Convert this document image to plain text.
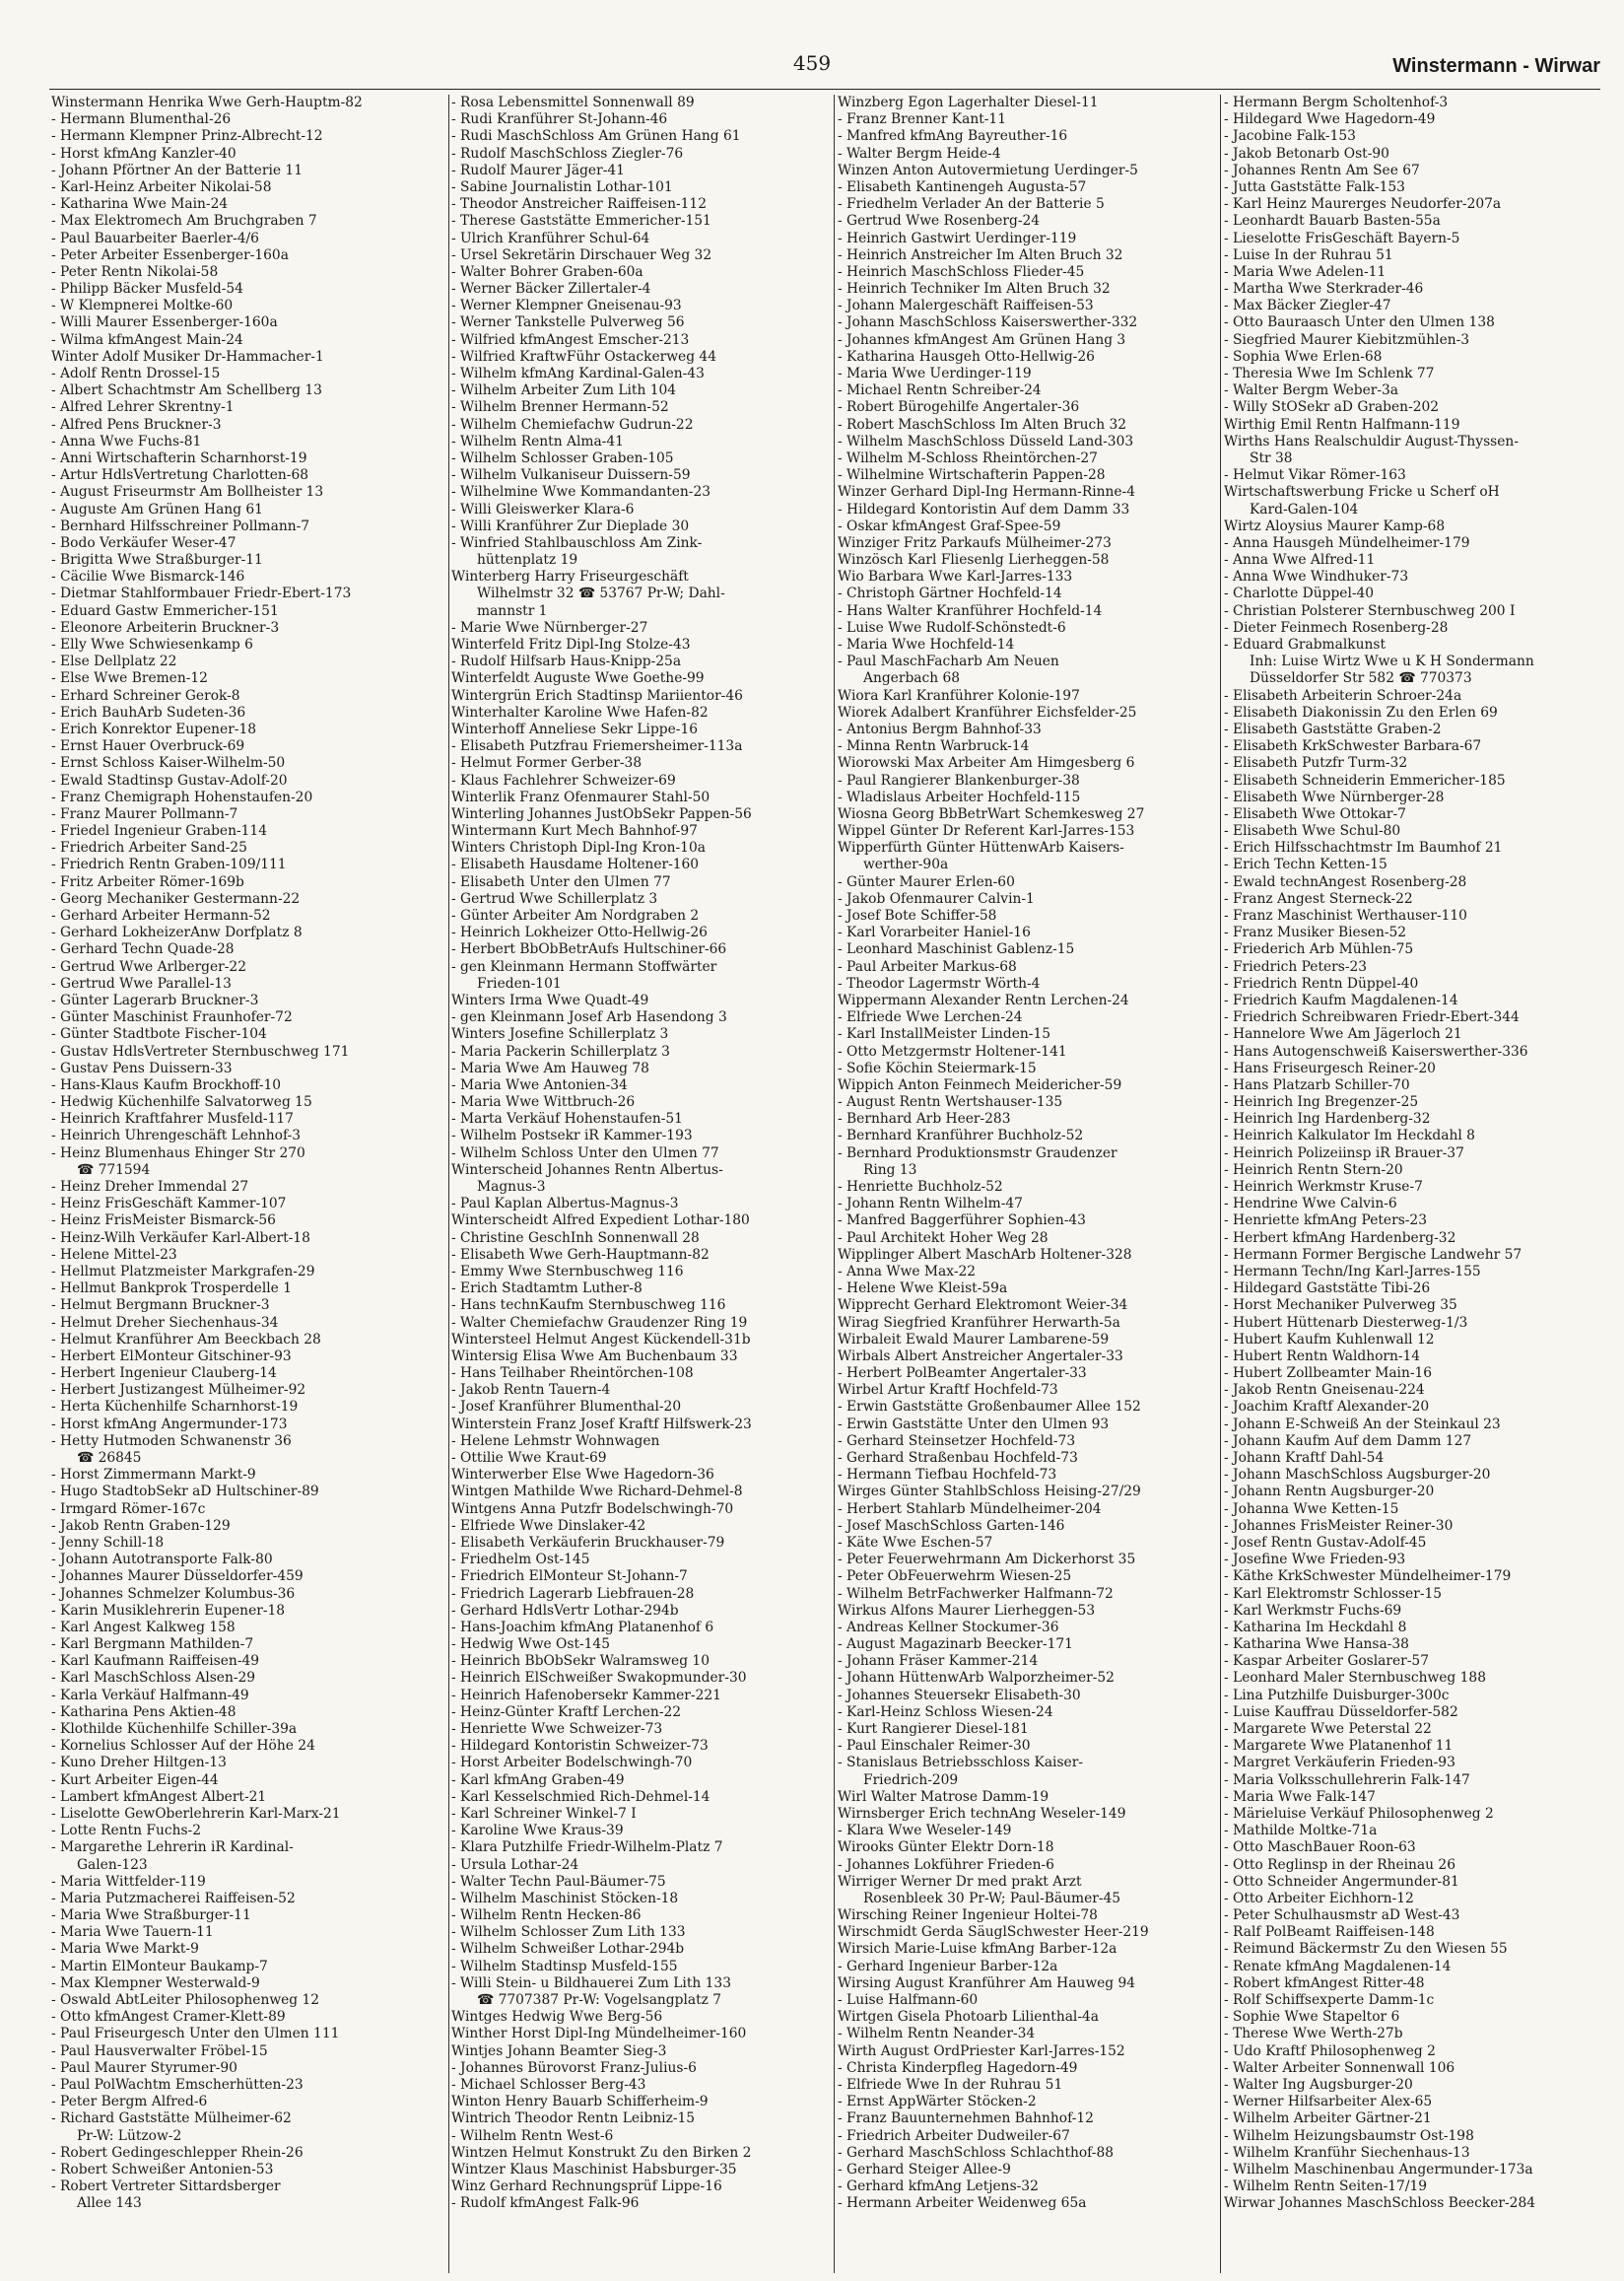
459	Winstermann - Wirwar
Winstermann Henrika Wwe Gerh-Hauptm-82
- Hermann Blumenthal-26
- Hermann Klempner Prinz-Albrecht-12
- Horst kfmAng Kanzler-40
- Johann Pförtner An der Batterie 11
- Karl-Heinz Arbeiter Nikolai-58
- Katharina Wwe Main-24
- Max Elektromech Am Bruchgraben 7
- Paul Bauarbeiter Baerler-4/6
- Peter Arbeiter Essenberger-160a
- Peter Rentn Nikolai-58
- Philipp Bäcker Musfeld-54
- W Klempnerei Moltke-60
- Willi Maurer Essenberger-160a
- Wilma kfmAngest Main-24
Winter Adolf Musiker Dr-Hammacher-1
- Adolf Rentn Drossel-15
- Albert Schachtmstr Am Schellberg 13
- Alfred Lehrer Skrentny-1
- Alfred Pens Bruckner-3
- Anna Wwe Fuchs-81
- Anni Wirtschafterin Scharnhorst-19
- Artur HdlsVertretung Charlotten-68
- August Friseurmstr Am Bollheister 13
- Auguste Am Grünen Hang 61
- Bernhard Hilfsschreiner Pollmann-7
- Bodo Verkäufer Weser-47
- Brigitta Wwe Straßburger-11
- Cäcilie Wwe Bismarck-146
- Dietmar Stahlformbauer Friedr-Ebert-173
- Eduard Gastw Emmericher-151
- Eleonore Arbeiterin Bruckner-3
- Elly Wwe Schwiesenkamp 6
- Else Dellplatz 22
- Else Wwe Bremen-12
- Erhard Schreiner Gerok-8
- Erich BauhArb Sudeten-36
- Erich Konrektor Eupener-18
- Ernst Hauer Overbruck-69
- Ernst Schloss Kaiser-Wilhelm-50
- Ewald Stadtinsp Gustav-Adolf-20
- Franz Chemigraph Hohenstaufen-20
- Franz Maurer Pollmann-7
- Friedel Ingenieur Graben-114
- Friedrich Arbeiter Sand-25
- Friedrich Rentn Graben-109/111
- Fritz Arbeiter Römer-169b
- Georg Mechaniker Gestermann-22
- Gerhard Arbeiter Hermann-52
- Gerhard LokheizerAnw Dorfplatz 8
- Gerhard Techn Quade-28
- Gertrud Wwe Arlberger-22
- Gertrud Wwe Parallel-13
- Günter Lagerarb Bruckner-3
- Günter Maschinist Fraunhofer-72
- Günter Stadtbote Fischer-104
- Gustav HdlsVertreter Sternbuschweg 171
- Gustav Pens Duissern-33
- Hans-Klaus Kaufm Brockhoff-10
- Hedwig Küchenhilfe Salvatorweg 15
- Heinrich Kraftfahrer Musfeld-117
- Heinrich Uhrengeschäft Lehnhof-3
- Heinz Blumenhaus Ehinger Str 270
☎ 771594
- Heinz Dreher Immendal 27
- Heinz FrisGeschäft Kammer-107
- Heinz FrisMeister Bismarck-56
- Heinz-Wilh Verkäufer Karl-Albert-18
- Helene Mittel-23
- Hellmut Platzmeister Markgrafen-29
- Hellmut Bankprok Trosperdelle 1
- Helmut Bergmann Bruckner-3
- Helmut Dreher Siechenhaus-34
- Helmut Kranführer Am Beeckbach 28
- Herbert ElMonteur Gitschiner-93
- Herbert Ingenieur Clauberg-14
- Herbert Justizangest Mülheimer-92
- Herta Küchenhilfe Scharnhorst-19
- Horst kfmAng Angermunder-173
- Hetty Hutmoden Schwanenstr 36
☎ 26845
- Horst Zimmermann Markt-9
- Hugo StadtobSekr aD Hultschiner-89
- Irmgard Römer-167c
- Jakob Rentn Graben-129
- Jenny Schill-18
- Johann Autotransporte Falk-80
- Johannes Maurer Düsseldorfer-459
- Johannes Schmelzer Kolumbus-36
- Karin Musiklehrerin Eupener-18
- Karl Angest Kalkweg 158
- Karl Bergmann Mathilden-7
- Karl Kaufmann Raiffeisen-49
- Karl MaschSchloss Alsen-29
- Karla Verkäuf Halfmann-49
- Katharina Pens Aktien-48
- Klothilde Küchenhilfe Schiller-39a
- Kornelius Schlosser Auf der Höhe 24
- Kuno Dreher Hiltgen-13
- Kurt Arbeiter Eigen-44
- Lambert kfmAngest Albert-21
- Liselotte GewOberlehrerin Karl-Marx-21
- Lotte Rentn Fuchs-2
- Margarethe Lehrerin iR Kardinal-
Galen-123
- Maria Wittfelder-119
- Maria Putzmacherei Raiffeisen-52
- Maria Wwe Straßburger-11
- Maria Wwe Tauern-11
- Maria Wwe Markt-9
- Martin ElMonteur Baukamp-7
- Max Klempner Westerwald-9
- Oswald AbtLeiter Philosophenweg 12
- Otto kfmAngest Cramer-Klett-89
- Paul Friseurgesch Unter den Ulmen 111
- Paul Hausverwalter Fröbel-15
- Paul Maurer Styrumer-90
- Paul PolWachtm Emscherhütten-23
- Peter Bergm Alfred-6
- Richard Gaststätte Mülheimer-62
Pr-W: Lützow-2
- Robert Gedingeschlepper Rhein-26
- Robert Schweißer Antonien-53
- Robert Vertreter Sittardsberger
Allee 143
- Rosa Lebensmittel Sonnenwall 89
- Rudi Kranführer St-Johann-46
- Rudi MaschSchloss Am Grünen Hang 61
- Rudolf MaschSchloss Ziegler-76
- Rudolf Maurer Jäger-41
- Sabine Journalistin Lothar-101
- Theodor Anstreicher Raiffeisen-112
- Therese Gaststätte Emmericher-151
- Ulrich Kranführer Schul-64
- Ursel Sekretärin Dirschauer Weg 32
- Walter Bohrer Graben-60a
- Werner Bäcker Zillertaler-4
- Werner Klempner Gneisenau-93
- Werner Tankstelle Pulverweg 56
- Wilfried kfmAngest Emscher-213
- Wilfried KraftwFühr Ostackerweg 44
- Wilhelm kfmAng Kardinal-Galen-43
- Wilhelm Arbeiter Zum Lith 104
- Wilhelm Brenner Hermann-52
- Wilhelm Chemiefachw Gudrun-22
- Wilhelm Rentn Alma-41
- Wilhelm Schlosser Graben-105
- Wilhelm Vulkaniseur Duissern-59
- Wilhelmine Wwe Kommandanten-23
- Willi Gleiswerker Klara-6
- Willi Kranführer Zur Dieplade 30
- Winfried Stahlbauschloss Am Zink-
hüttenplatz 19
Winterberg Harry Friseurgeschäft
Wilhelmstr 32 ☎ 53767 Pr-W; Dahl-
mannstr 1
- Marie Wwe Nürnberger-27
Winterfeld Fritz Dipl-Ing Stolze-43
- Rudolf Hilfsarb Haus-Knipp-25a
Winterfeldt Auguste Wwe Goethe-99
Wintergrün Erich Stadtinsp Mariientor-46
Winterhalter Karoline Wwe Hafen-82
Winterhoff Anneliese Sekr Lippe-16
- Elisabeth Putzfrau Friemersheimer-113a
- Helmut Former Gerber-38
- Klaus Fachlehrer Schweizer-69
Winterlik Franz Ofenmaurer Stahl-50
Winterling Johannes JustObSekr Pappen-56
Wintermann Kurt Mech Bahnhof-97
Winters Christoph Dipl-Ing Kron-10a
- Elisabeth Hausdame Holtener-160
- Elisabeth Unter den Ulmen 77
- Gertrud Wwe Schillerplatz 3
- Günter Arbeiter Am Nordgraben 2
- Heinrich Lokheizer Otto-Hellwig-26
- Herbert BbObBetrAufs Hultschiner-66
- gen Kleinmann Hermann Stoffwärter
Frieden-101
Winters Irma Wwe Quadt-49
- gen Kleinmann Josef Arb Hasendong 3
Winters Josefine Schillerplatz 3
- Maria Packerin Schillerplatz 3
- Maria Wwe Am Hauweg 78
- Maria Wwe Antonien-34
- Maria Wwe Wittbruch-26
- Marta Verkäuf Hohenstaufen-51
- Wilhelm Postsekr iR Kammer-193
- Wilhelm Schloss Unter den Ulmen 77
Winterscheid Johannes Rentn Albertus-
Magnus-3
- Paul Kaplan Albertus-Magnus-3
Winterscheidt Alfred Expedient Lothar-180
- Christine GeschInh Sonnenwall 28
- Elisabeth Wwe Gerh-Hauptmann-82
- Emmy Wwe Sternbuschweg 116
- Erich Stadtamtm Luther-8
- Hans technKaufm Sternbuschweg 116
- Walter Chemiefachw Graudenzer Ring 19
Wintersteel Helmut Angest Kückendell-31b
Wintersig Elisa Wwe Am Buchenbaum 33
- Hans Teilhaber Rheintörchen-108
- Jakob Rentn Tauern-4
- Josef Kranführer Blumenthal-20
Winterstein Franz Josef Kraftf Hilfswerk-23
- Helene Lehmstr Wohnwagen
- Ottilie Wwe Kraut-69
Winterwerber Else Wwe Hagedorn-36
Wintgen Mathilde Wwe Richard-Dehmel-8
Wintgens Anna Putzfr Bodelschwingh-70
- Elfriede Wwe Dinslaker-42
- Elisabeth Verkäuferin Bruckhauser-79
- Friedhelm Ost-145
- Friedrich ElMonteur St-Johann-7
- Friedrich Lagerarb Liebfrauen-28
- Gerhard HdlsVertr Lothar-294b
- Hans-Joachim kfmAng Platanenhof 6
- Hedwig Wwe Ost-145
- Heinrich BbObSekr Walramsweg 10
- Heinrich ElSchweißer Swakopmunder-30
- Heinrich Hafenobersekr Kammer-221
- Heinz-Günter Kraftf Lerchen-22
- Henriette Wwe Schweizer-73
- Hildegard Kontoristin Schweizer-73
- Horst Arbeiter Bodelschwingh-70
- Karl kfmAng Graben-49
- Karl Kesselschmied Rich-Dehmel-14
- Karl Schreiner Winkel-7 I
- Karoline Wwe Kraus-39
- Klara Putzhilfe Friedr-Wilhelm-Platz 7
- Ursula Lothar-24
- Walter Techn Paul-Bäumer-75
- Wilhelm Maschinist Stöcken-18
- Wilhelm Rentn Hecken-86
- Wilhelm Schlosser Zum Lith 133
- Wilhelm Schweißer Lothar-294b
- Wilhelm Stadtinsp Musfeld-155
- Willi Stein- u Bildhauerei Zum Lith 133
☎ 7707387 Pr-W: Vogelsangplatz 7
Wintges Hedwig Wwe Berg-56
Winther Horst Dipl-Ing Mündelheimer-160
Wintjes Johann Beamter Sieg-3
- Johannes Bürovorst Franz-Julius-6
- Michael Schlosser Berg-43
Winton Henry Bauarb Schifferheim-9
Wintrich Theodor Rentn Leibniz-15
- Wilhelm Rentn West-6
Wintzen Helmut Konstrukt Zu den Birken 2
Wintzer Klaus Maschinist Habsburger-35
Winz Gerhard Rechnungsprüf Lippe-16
- Rudolf kfmAngest Falk-96
Winzberg Egon Lagerhalter Diesel-11
- Franz Brenner Kant-11
- Manfred kfmAng Bayreuther-16
- Walter Bergm Heide-4
Winzen Anton Autovermietung Uerdinger-5
- Elisabeth Kantinengeh Augusta-57
- Friedhelm Verlader An der Batterie 5
- Gertrud Wwe Rosenberg-24
- Heinrich Gastwirt Uerdinger-119
- Heinrich Anstreicher Im Alten Bruch 32
- Heinrich MaschSchloss Flieder-45
- Heinrich Techniker Im Alten Bruch 32
- Johann Malergeschäft Raiffeisen-53
- Johann MaschSchloss Kaiserswerther-332
- Johannes kfmAngest Am Grünen Hang 3
- Katharina Hausgeh Otto-Hellwig-26
- Maria Wwe Uerdinger-119
- Michael Rentn Schreiber-24
- Robert Bürogehilfe Angertaler-36
- Robert MaschSchloss Im Alten Bruch 32
- Wilhelm MaschSchloss Düsseld Land-303
- Wilhelm M-Schloss Rheintörchen-27
- Wilhelmine Wirtschafterin Pappen-28
Winzer Gerhard Dipl-Ing Hermann-Rinne-4
- Hildegard Kontoristin Auf dem Damm 33
- Oskar kfmAngest Graf-Spee-59
Winziger Fritz Parkaufs Mülheimer-273
Winzösch Karl Fliesenlg Lierheggen-58
Wio Barbara Wwe Karl-Jarres-133
- Christoph Gärtner Hochfeld-14
- Hans Walter Kranführer Hochfeld-14
- Luise Wwe Rudolf-Schönstedt-6
- Maria Wwe Hochfeld-14
- Paul MaschFacharb Am Neuen
Angerbach 68
Wiora Karl Kranführer Kolonie-197
Wiorek Adalbert Kranführer Eichsfelder-25
- Antonius Bergm Bahnhof-33
- Minna Rentn Warbruck-14
Wiorowski Max Arbeiter Am Himgesberg 6
- Paul Rangierer Blankenburger-38
- Wladislaus Arbeiter Hochfeld-115
Wiosna Georg BbBetrWart Schemkesweg 27
Wippel Günter Dr Referent Karl-Jarres-153
Wipperfürth Günter HüttenwArb Kaisers-
werther-90a
- Günter Maurer Erlen-60
- Jakob Ofenmaurer Calvin-1
- Josef Bote Schiffer-58
- Karl Vorarbeiter Haniel-16
- Leonhard Maschinist Gablenz-15
- Paul Arbeiter Markus-68
- Theodor Lagermstr Wörth-4
Wippermann Alexander Rentn Lerchen-24
- Elfriede Wwe Lerchen-24
- Karl InstallMeister Linden-15
- Otto Metzgermstr Holtener-141
- Sofie Köchin Steiermark-15
Wippich Anton Feinmech Meidericher-59
- August Rentn Wertshauser-135
- Bernhard Arb Heer-283
- Bernhard Kranführer Buchholz-52
- Bernhard Produktionsmstr Graudenzer
Ring 13
- Henriette Buchholz-52
- Johann Rentn Wilhelm-47
- Manfred Baggerführer Sophien-43
- Paul Architekt Hoher Weg 28
Wipplinger Albert MaschArb Holtener-328
- Anna Wwe Max-22
- Helene Wwe Kleist-59a
Wipprecht Gerhard Elektromont Weier-34
Wirag Siegfried Kranführer Herwarth-5a
Wirbaleit Ewald Maurer Lambarene-59
Wirbals Albert Anstreicher Angertaler-33
- Herbert PolBeamter Angertaler-33
Wirbel Artur Kraftf Hochfeld-73
- Erwin Gaststätte Großenbaumer Allee 152
- Erwin Gaststätte Unter den Ulmen 93
- Gerhard Steinsetzer Hochfeld-73
- Gerhard Straßenbau Hochfeld-73
- Hermann Tiefbau Hochfeld-73
Wirges Günter StahlbSchloss Heising-27/29
- Herbert Stahlarb Mündelheimer-204
- Josef MaschSchloss Garten-146
- Käte Wwe Eschen-57
- Peter Feuerwehrmann Am Dickerhorst 35
- Peter ObFeuerwehrm Wiesen-25
- Wilhelm BetrFachwerker Halfmann-72
Wirkus Alfons Maurer Lierheggen-53
- Andreas Kellner Stockumer-36
- August Magazinarb Beecker-171
- Johann Fräser Kammer-214
- Johann HüttenwArb Walporzheimer-52
- Johannes Steuersekr Elisabeth-30
- Karl-Heinz Schloss Wiesen-24
- Kurt Rangierer Diesel-181
- Paul Einschaler Reimer-30
- Stanislaus Betriebsschloss Kaiser-
Friedrich-209
Wirl Walter Matrose Damm-19
Wirnsberger Erich technAng Weseler-149
- Klara Wwe Weseler-149
Wirooks Günter Elektr Dorn-18
- Johannes Lokführer Frieden-6
Wirriger Werner Dr med prakt Arzt
Rosenbleek 30 Pr-W; Paul-Bäumer-45
Wirsching Reiner Ingenieur Holtei-78
Wirschmidt Gerda SäuglSchwester Heer-219
Wirsich Marie-Luise kfmAng Barber-12a
- Gerhard Ingenieur Barber-12a
Wirsing August Kranführer Am Hauweg 94
- Luise Halfmann-60
Wirtgen Gisela Photoarb Lilienthal-4a
- Wilhelm Rentn Neander-34
Wirth August OrdPriester Karl-Jarres-152
- Christa Kinderpfleg Hagedorn-49
- Elfriede Wwe In der Ruhrau 51
- Ernst AppWärter Stöcken-2
- Franz Bauunternehmen Bahnhof-12
- Friedrich Arbeiter Dudweiler-67
- Gerhard MaschSchloss Schlachthof-88
- Gerhard Steiger Allee-9
- Gerhard kfmAng Letjens-32
- Hermann Arbeiter Weidenweg 65a
- Hermann Bergm Scholtenhof-3
- Hildegard Wwe Hagedorn-49
- Jacobine Falk-153
- Jakob Betonarb Ost-90
- Johannes Rentn Am See 67
- Jutta Gaststätte Falk-153
- Karl Heinz Maurerges Neudorfer-207a
- Leonhardt Bauarb Basten-55a
- Lieselotte FrisGeschäft Bayern-5
- Luise In der Ruhrau 51
- Maria Wwe Adelen-11
- Martha Wwe Sterkrader-46
- Max Bäcker Ziegler-47
- Otto Bauraasch Unter den Ulmen 138
- Siegfried Maurer Kiebitzmühlen-3
- Sophia Wwe Erlen-68
- Theresia Wwe Im Schlenk 77
- Walter Bergm Weber-3a
- Willy StOSekr aD Graben-202
Wirthig Emil Rentn Halfmann-119
Wirths Hans Realschuldir August-Thyssen-
Str 38
- Helmut Vikar Römer-163
Wirtschaftswerbung Fricke u Scherf oH
Kard-Galen-104
Wirtz Aloysius Maurer Kamp-68
- Anna Hausgeh Mündelheimer-179
- Anna Wwe Alfred-11
- Anna Wwe Windhuker-73
- Charlotte Düppel-40
- Christian Polsterer Sternbuschweg 200 I
- Dieter Feinmech Rosenberg-28
- Eduard Grabmalkunst
Inh: Luise Wirtz Wwe u K H Sondermann
Düsseldorfer Str 582 ☎ 770373
- Elisabeth Arbeiterin Schroer-24a
- Elisabeth Diakonissin Zu den Erlen 69
- Elisabeth Gaststätte Graben-2
- Elisabeth KrkSchwester Barbara-67
- Elisabeth Putzfr Turm-32
- Elisabeth Schneiderin Emmericher-185
- Elisabeth Wwe Nürnberger-28
- Elisabeth Wwe Ottokar-7
- Elisabeth Wwe Schul-80
- Erich Hilfsschachtmstr Im Baumhof 21
- Erich Techn Ketten-15
- Ewald technAngest Rosenberg-28
- Franz Angest Sterneck-22
- Franz Maschinist Werthauser-110
- Franz Musiker Biesen-52
- Friederich Arb Mühlen-75
- Friedrich Peters-23
- Friedrich Rentn Düppel-40
- Friedrich Kaufm Magdalenen-14
- Friedrich Schreibwaren Friedr-Ebert-344
- Hannelore Wwe Am Jägerloch 21
- Hans Autogenschweiß Kaiserswerther-336
- Hans Friseurgesch Reiner-20
- Hans Platzarb Schiller-70
- Heinrich Ing Bregenzer-25
- Heinrich Ing Hardenberg-32
- Heinrich Kalkulator Im Heckdahl 8
- Heinrich Polizeiinsp iR Brauer-37
- Heinrich Rentn Stern-20
- Heinrich Werkmstr Kruse-7
- Hendrine Wwe Calvin-6
- Henriette kfmAng Peters-23
- Herbert kfmAng Hardenberg-32
- Hermann Former Bergische Landwehr 57
- Hermann Techn/Ing Karl-Jarres-155
- Hildegard Gaststätte Tibi-26
- Horst Mechaniker Pulverweg 35
- Hubert Hüttenarb Diesterweg-1/3
- Hubert Kaufm Kuhlenwall 12
- Hubert Rentn Waldhorn-14
- Hubert Zollbeamter Main-16
- Jakob Rentn Gneisenau-224
- Joachim Kraftf Alexander-20
- Johann E-Schweiß An der Steinkaul 23
- Johann Kaufm Auf dem Damm 127
- Johann Kraftf Dahl-54
- Johann MaschSchloss Augsburger-20
- Johann Rentn Augsburger-20
- Johanna Wwe Ketten-15
- Johannes FrisMeister Reiner-30
- Josef Rentn Gustav-Adolf-45
- Josefine Wwe Frieden-93
- Käthe KrkSchwester Mündelheimer-179
- Karl Elektromstr Schlosser-15
- Karl Werkmstr Fuchs-69
- Katharina Im Heckdahl 8
- Katharina Wwe Hansa-38
- Kaspar Arbeiter Goslarer-57
- Leonhard Maler Sternbuschweg 188
- Lina Putzhilfe Duisburger-300c
- Luise Kauffrau Düsseldorfer-582
- Margarete Wwe Peterstal 22
- Margarete Wwe Platanenhof 11
- Margret Verkäuferin Frieden-93
- Maria Volksschullehrerin Falk-147
- Maria Wwe Falk-147
- Märieluise Verkäuf Philosophenweg 2
- Mathilde Moltke-71a
- Otto MaschBauer Roon-63
- Otto Reglinsp in der Rheinau 26
- Otto Schneider Angermunder-81
- Otto Arbeiter Eichhorn-12
- Peter Schulhausmstr aD West-43
- Ralf PolBeamt Raiffeisen-148
- Reimund Bäckermstr Zu den Wiesen 55
- Renate kfmAng Magdalenen-14
- Robert kfmAngest Ritter-48
- Rolf Schiffsexperte Damm-1c
- Sophie Wwe Stapeltor 6
- Therese Wwe Werth-27b
- Udo Kraftf Philosophenweg 2
- Walter Arbeiter Sonnenwall 106
- Walter Ing Augsburger-20
- Werner Hilfsarbeiter Alex-65
- Wilhelm Arbeiter Gärtner-21
- Wilhelm Heizungsbaumstr Ost-198
- Wilhelm Kranführ Siechenhaus-13
- Wilhelm Maschinenbau Angermunder-173a
- Wilhelm Rentn Seiten-17/19
Wirwar Johannes MaschSchloss Beecker-284
